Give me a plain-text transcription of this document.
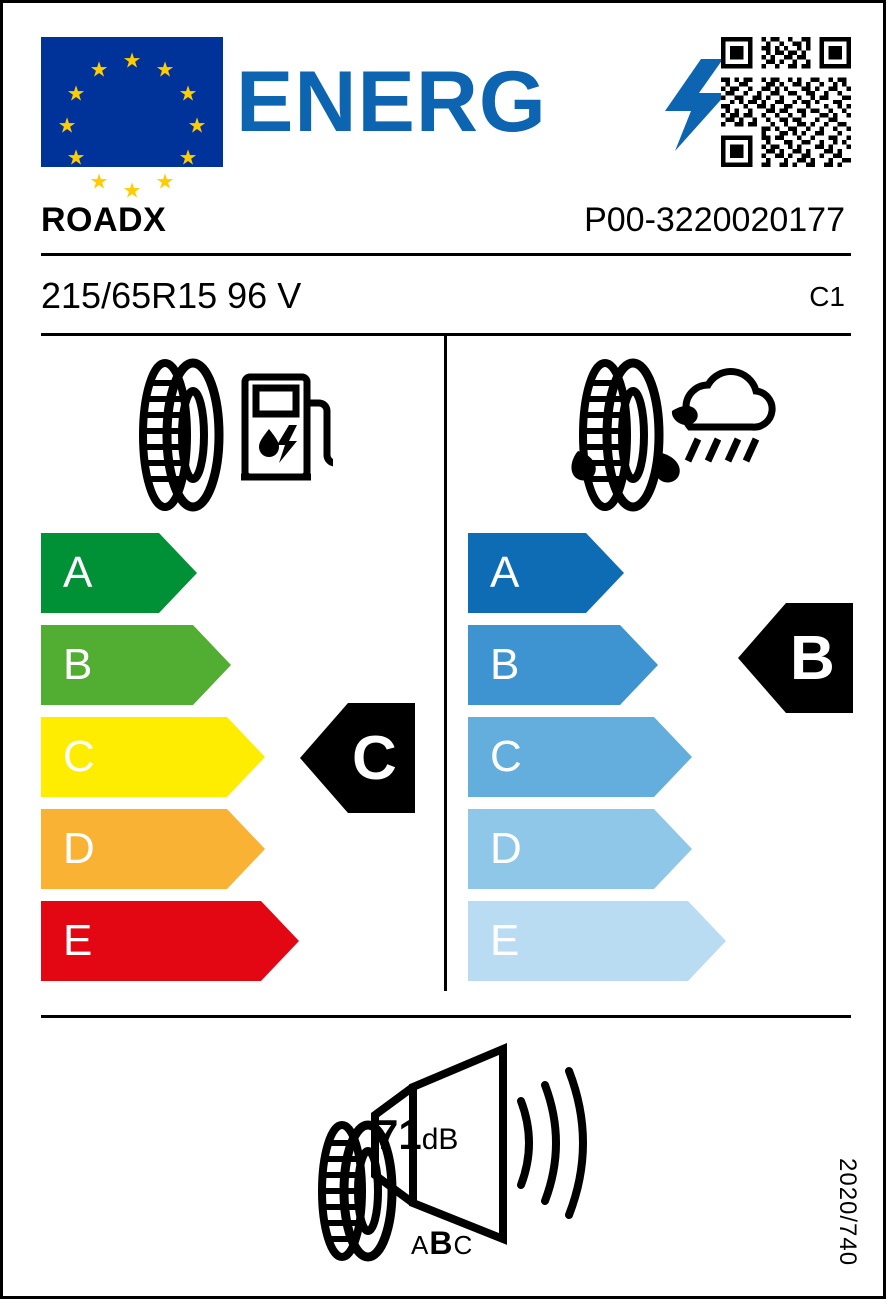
★ ★
★
★
★
★
★
★
★
★
★
★ ENERG
ROADX	P00-3220020177
215/65R15 96 V	C1
A
B
C
D
E
A
B
C
D
E
C
B
71dB
ABC	2020/740
